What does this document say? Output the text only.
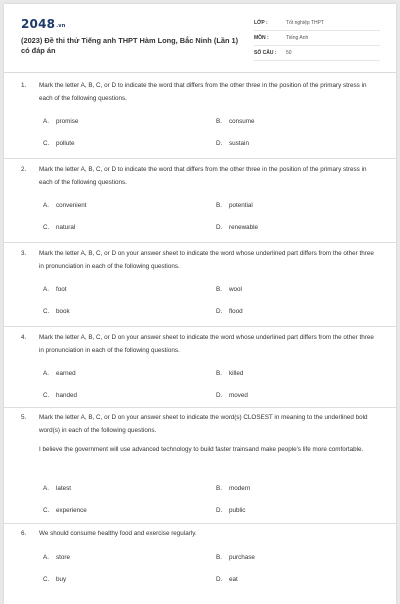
2048.vn
(2023) Đề thi thử Tiếng anh THPT Hàm Long, Bắc Ninh (Lần 1) có đáp án
LỚP :	Tốt nghiệp THPT
MÔN :	Tiếng Anh
SỐ CÂU :	50
1. Mark the letter A, B, C, or D to indicate the word that differs from the other three in the position of the primary stress in each of the following questions.
A. promise	B. consume
C. pollute	D. sustain
2. Mark the letter A, B, C, or D to indicate the word that differs from the other three in the position of the primary stress in each of the following questions.
A. convenient	B. potential
C. natural	D. renewable
3. Mark the letter A, B, C, or D on your answer sheet to indicate the word whose underlined part differs from the other three in pronunciation in each of the following questions.
A. foot	B. wool
C. book	D. flood
4. Mark the letter A, B, C, or D on your answer sheet to indicate the word whose underlined part differs from the other three in pronunciation in each of the following questions.
A. earned	B. killed
C. handed	D. moved
5. Mark the letter A, B, C, or D on your answer sheet to indicate the word(s) CLOSEST in meaning to the underlined bold word(s) in each of the following questions.
I believe the government will use advanced technology to build faster trainsand make people's life more comfortable.
A. latest	B. modern
C. experience	D. public
6. We should consume healthy food and exercise regularly.
A. store	B. purchase
C. buy	D. eat
